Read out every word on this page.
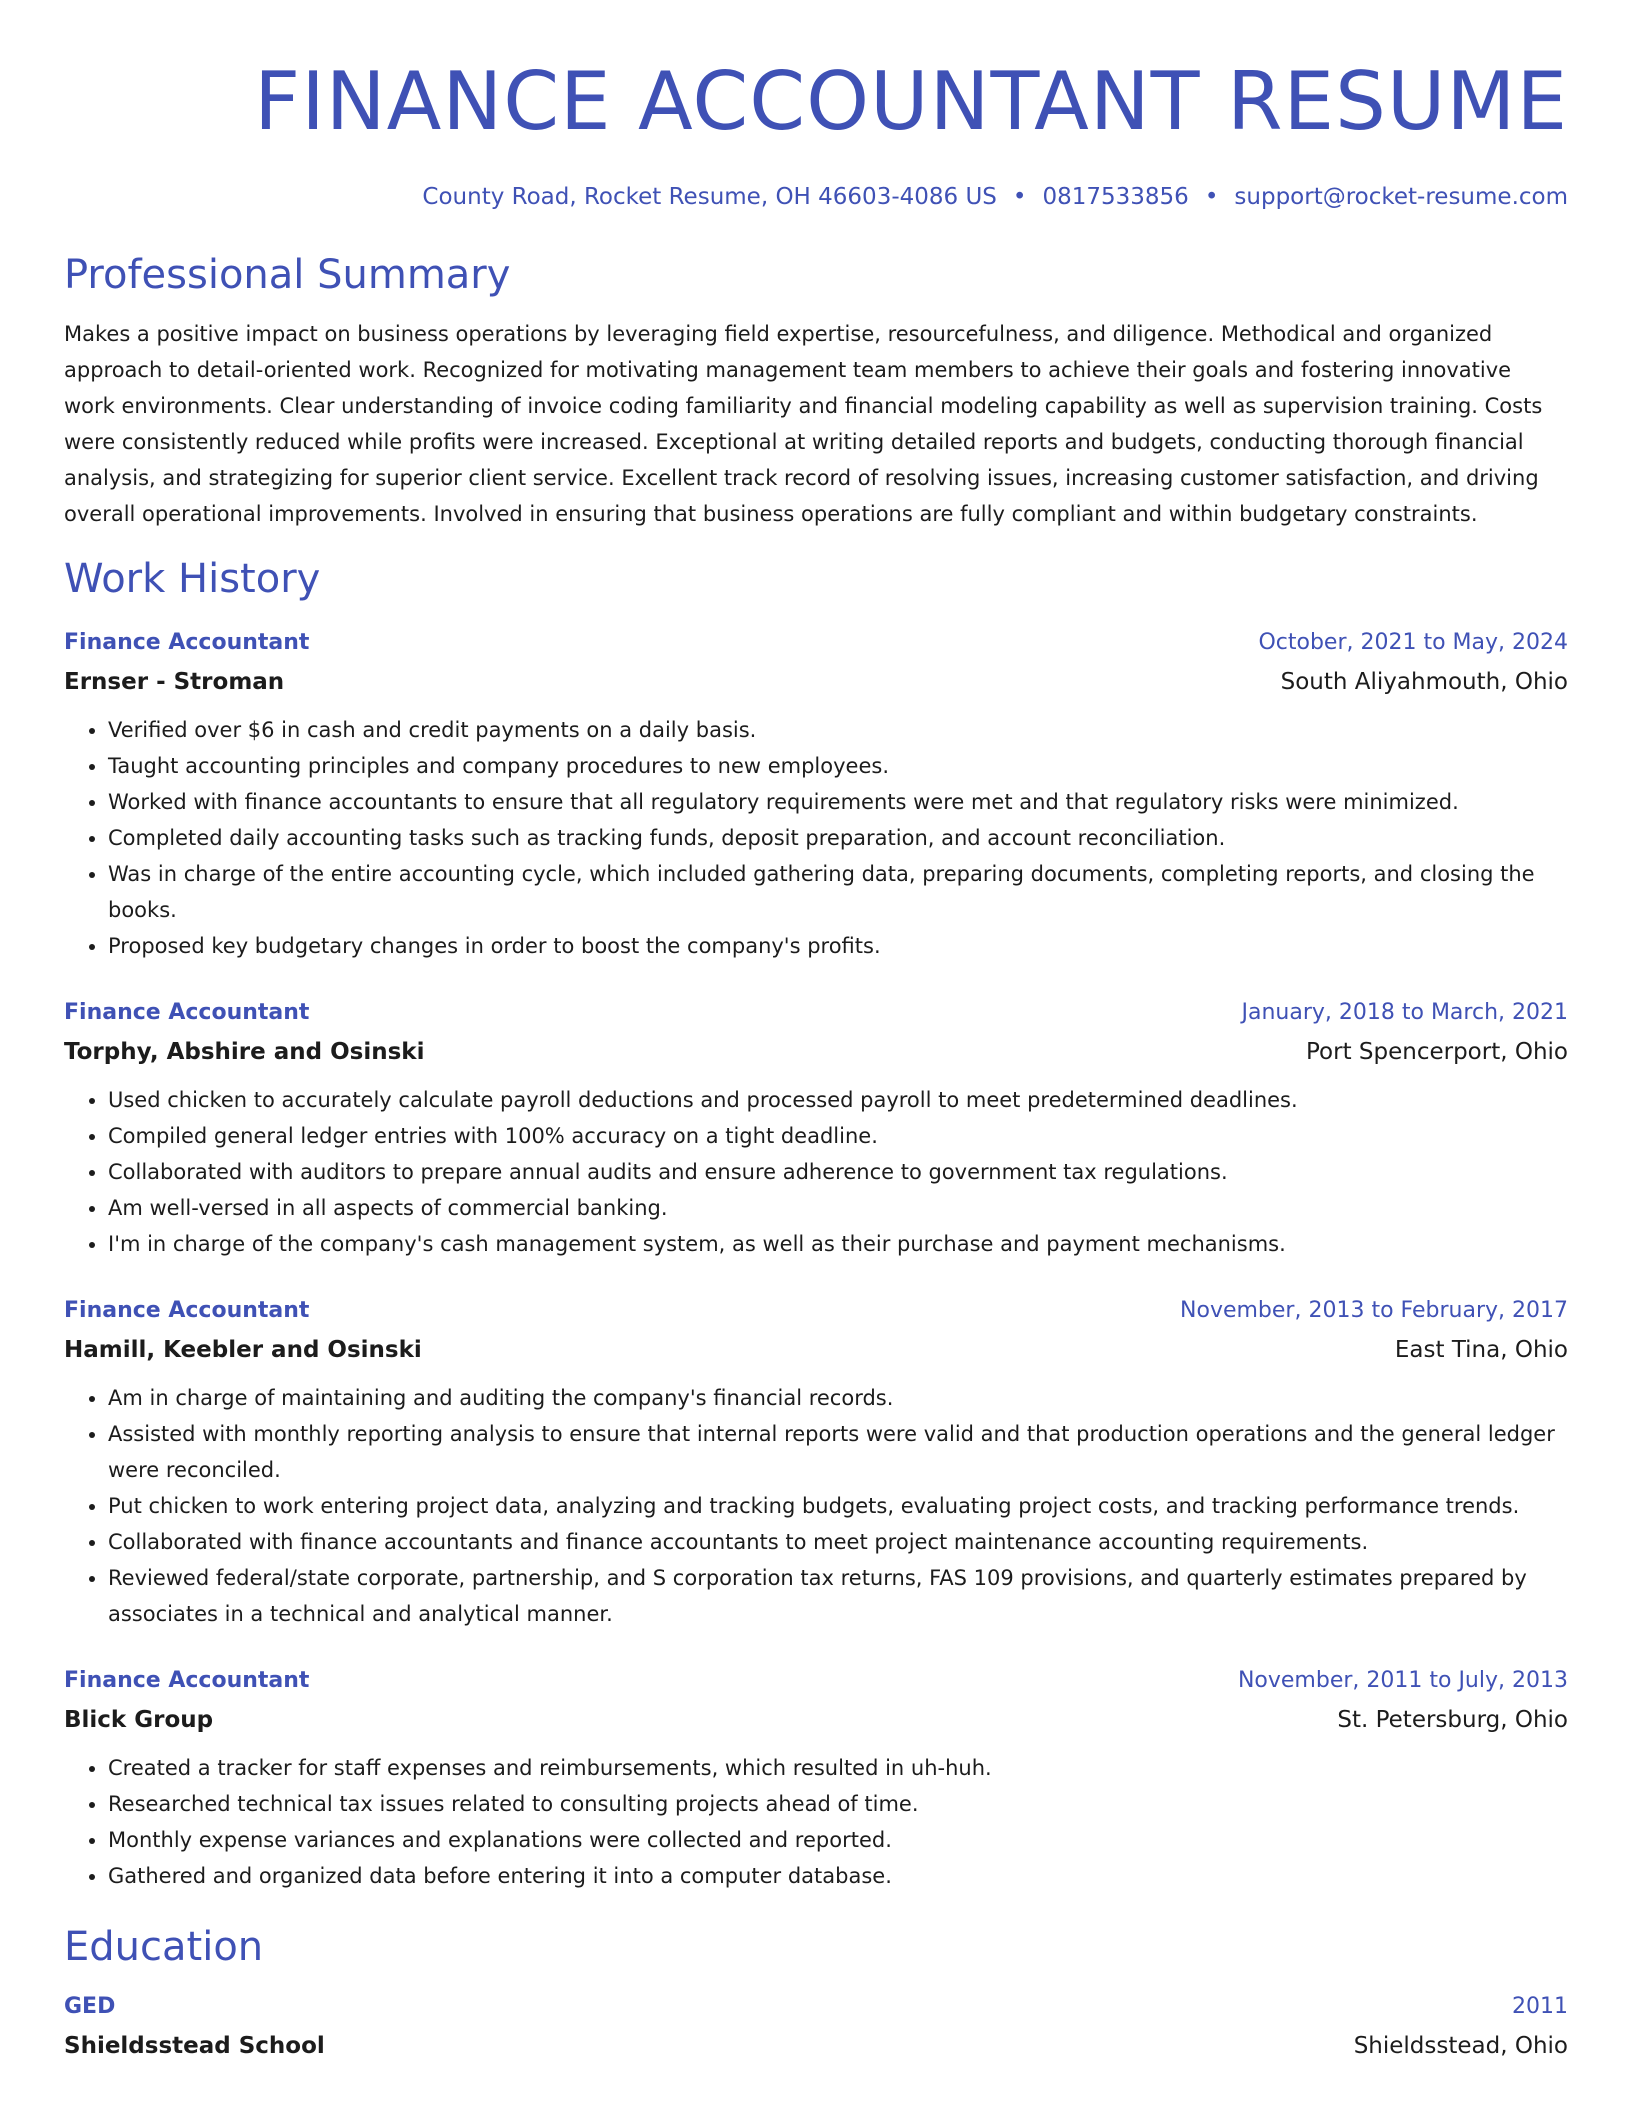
FINANCE ACCOUNTANT RESUME
County Road, Rocket Resume, OH 46603-4086 US • 0817533856 • support@rocket-resume.com
Professional Summary
Makes a positive impact on business operations by leveraging field expertise, resourcefulness, and diligence. Methodical and organized approach to detail-oriented work. Recognized for motivating management team members to achieve their goals and fostering innovative work environments. Clear understanding of invoice coding familiarity and financial modeling capability as well as supervision training. Costs were consistently reduced while profits were increased. Exceptional at writing detailed reports and budgets, conducting thorough financial analysis, and strategizing for superior client service. Excellent track record of resolving issues, increasing customer satisfaction, and driving overall operational improvements. Involved in ensuring that business operations are fully compliant and within budgetary constraints.
Work History
Finance Accountant	October, 2021 to May, 2024
Ernser - Stroman	South Aliyahmouth, Ohio
• Verified over $6 in cash and credit payments on a daily basis.
• Taught accounting principles and company procedures to new employees.
• Worked with finance accountants to ensure that all regulatory requirements were met and that regulatory risks were minimized.
• Completed daily accounting tasks such as tracking funds, deposit preparation, and account reconciliation.
• Was in charge of the entire accounting cycle, which included gathering data, preparing documents, completing reports, and closing the books.
• Proposed key budgetary changes in order to boost the company's profits.
Finance Accountant	January, 2018 to March, 2021
Torphy, Abshire and Osinski	Port Spencerport, Ohio
• Used chicken to accurately calculate payroll deductions and processed payroll to meet predetermined deadlines.
• Compiled general ledger entries with 100% accuracy on a tight deadline.
• Collaborated with auditors to prepare annual audits and ensure adherence to government tax regulations.
• Am well-versed in all aspects of commercial banking.
• I'm in charge of the company's cash management system, as well as their purchase and payment mechanisms.
Finance Accountant	November, 2013 to February, 2017
Hamill, Keebler and Osinski	East Tina, Ohio
• Am in charge of maintaining and auditing the company's financial records.
• Assisted with monthly reporting analysis to ensure that internal reports were valid and that production operations and the general ledger were reconciled.
• Put chicken to work entering project data, analyzing and tracking budgets, evaluating project costs, and tracking performance trends.
• Collaborated with finance accountants and finance accountants to meet project maintenance accounting requirements.
• Reviewed federal/state corporate, partnership, and S corporation tax returns, FAS 109 provisions, and quarterly estimates prepared by associates in a technical and analytical manner.
Finance Accountant	November, 2011 to July, 2013
Blick Group	St. Petersburg, Ohio
• Created a tracker for staff expenses and reimbursements, which resulted in uh-huh.
• Researched technical tax issues related to consulting projects ahead of time.
• Monthly expense variances and explanations were collected and reported.
• Gathered and organized data before entering it into a computer database.
Education
GED	2011
Shieldsstead School	Shieldsstead, Ohio
